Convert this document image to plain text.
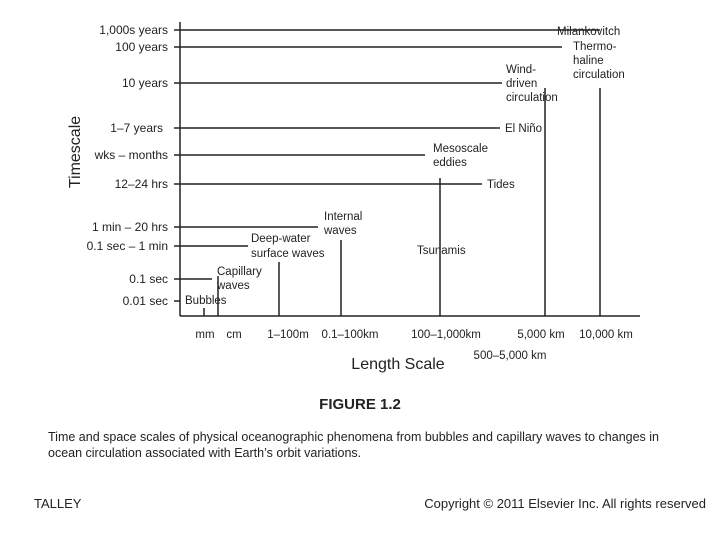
Timescale
Length Scale
1,000s years
100 years
10 years
1–7 years
wks – months
12–24 hrs
1 min – 20 hrs
0.1 sec – 1 min
0.1 sec
0.01 sec
mm cm 1–100m 0.1–100km	100–1,000km	5,000 km 10,000 km
500–5,000 km
Milankovitch
Thermo-
haline
circulation
Wind-
driven
circulation
El Niño
Mesoscale
eddies
Tides
Internal
waves
Deep-water
surface waves	Tsunamis
Capillary
waves
Bubbles
FIGURE 1.2
Time and space scales of physical oceanographic phenomena from bubbles and capillary waves to changes in ocean circulation associated with Earth’s orbit variations.
TALLEY	Copyright © 2011 Elsevier Inc. All rights reserved
